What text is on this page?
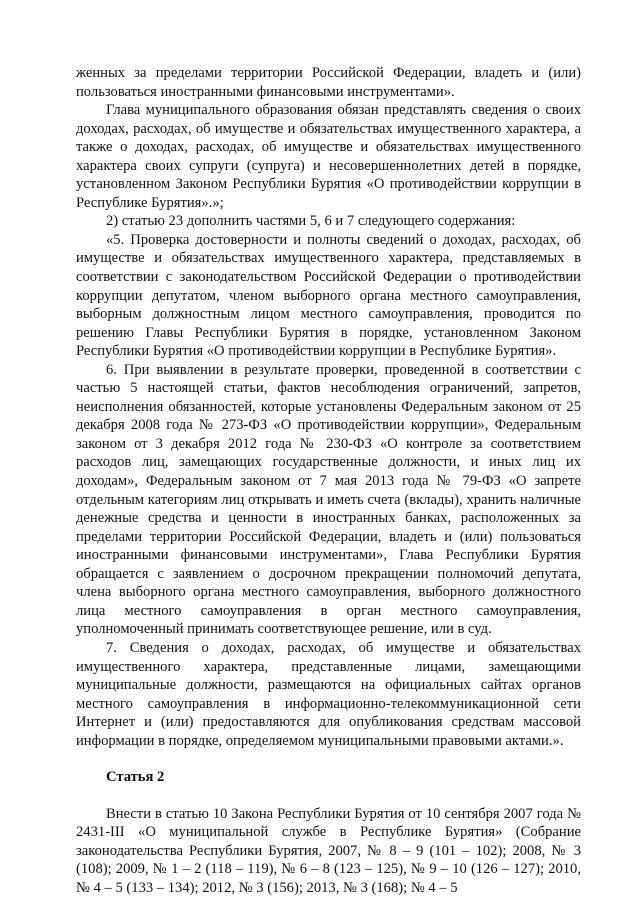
женных за пределами территории Российской Федерации, владеть и (или) пользоваться иностранными финансовыми инструментами».

Глава муниципального образования обязан представлять сведения о своих доходах, расходах, об имуществе и обязательствах имущественного характера, а также о доходах, расходах, об имуществе и обязательствах имущественного характера своих супруги (супруга) и несовершеннолетних детей в порядке, установленном Законом Республики Бурятия «О противодействии коррупции в Республике Бурятия».»;

2) статью 23 дополнить частями 5, 6 и 7 следующего содержания:

«5. Проверка достоверности и полноты сведений о доходах, расходах, об имуществе и обязательствах имущественного характера, представляемых в соответствии с законодательством Российской Федерации о противодействии коррупции депутатом, членом выборного органа местного самоуправления, выборным должностным лицом местного самоуправления, проводится по решению Главы Республики Бурятия в порядке, установленном Законом Республики Бурятия «О противодействии коррупции в Республике Бурятия».

6. При выявлении в результате проверки, проведенной в соответствии с частью 5 настоящей статьи, фактов несоблюдения ограничений, запретов, неисполнения обязанностей, которые установлены Федеральным законом от 25 декабря 2008 года № 273-ФЗ «О противодействии коррупции», Федеральным законом от 3 декабря 2012 года № 230-ФЗ «О контроле за соответствием расходов лиц, замещающих государственные должности, и иных лиц их доходам», Федеральным законом от 7 мая 2013 года № 79-ФЗ «О запрете отдельным категориям лиц открывать и иметь счета (вклады), хранить наличные денежные средства и ценности в иностранных банках, расположенных за пределами территории Российской Федерации, владеть и (или) пользоваться иностранными финансовыми инструментами», Глава Республики Бурятия обращается с заявлением о досрочном прекращении полномочий депутата, члена выборного органа местного самоуправления, выборного должностного лица местного самоуправления в орган местного самоуправления, уполномоченный принимать соответствующее решение, или в суд.

7. Сведения о доходах, расходах, об имуществе и обязательствах имущественного характера, представленные лицами, замещающими муниципальные должности, размещаются на официальных сайтах органов местного самоуправления в информационно-телекоммуникационной сети Интернет и (или) предоставляются для опубликования средствам массовой информации в порядке, определяемом муниципальными правовыми актами.».

Статья 2

Внести в статью 10 Закона Республики Бурятия от 10 сентября 2007 года № 2431-III «О муниципальной службе в Республике Бурятия» (Собрание законодательства Республики Бурятия, 2007, № 8 – 9 (101 – 102); 2008, № 3 (108); 2009, № 1 – 2 (118 – 119), № 6 – 8 (123 – 125), № 9 – 10 (126 – 127); 2010, № 4 – 5 (133 – 134); 2012, № 3 (156); 2013, № 3 (168); № 4 – 5
